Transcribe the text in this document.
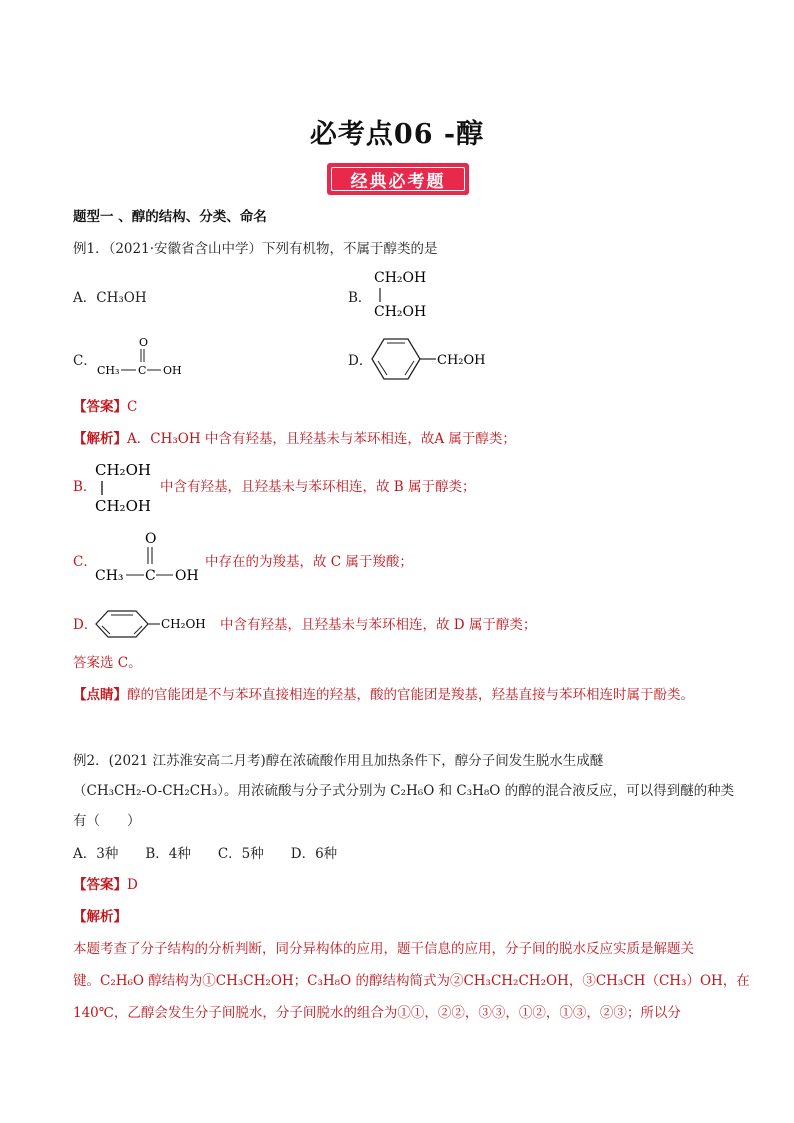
必考点06 -醇
经典必考题
题型一 、醇的结构、分类、命名
例1．（2021·安徽省含山中学）下列有机物，不属于醇类的是
A．CH₃OH	B．
CH₂OH
CH₂OH
C．
O
CH₃ C OH
D．	CH₂OH
【答案】C
【解析】A．CH₃OH 中含有羟基，且羟基未与苯环相连，故A 属于醇类；
B．
CH₂OH
CH₂OH
中含有羟基，且羟基未与苯环相连，故 B 属于醇类；
C．
O
CH₃ C OH
中存在的为羧基，故 C 属于羧酸；
D．	CH₂OH 中含有羟基，且羟基未与苯环相连，故 D 属于醇类；
答案选 C。
【点睛】醇的官能团是不与苯环直接相连的羟基，酸的官能团是羧基，羟基直接与苯环相连时属于酚类。
例2．(2021 江苏淮安高二月考)醇在浓硫酸作用且加热条件下，醇分子间发生脱水生成醚
（CH₃CH₂-O-CH₂CH₃）。用浓硫酸与分子式分别为 C₂H₆O 和 C₃H₈O 的醇的混合液反应，可以得到醚的种类
有（　　）
A．3种　　B．4种　　C．5种　　D．6种
【答案】D
【解析】
本题考查了分子结构的分析判断，同分异构体的应用，题干信息的应用，分子间的脱水反应实质是解题关
键。C₂H₆O 醇结构为①CH₃CH₂OH；C₃H₈O 的醇结构简式为②CH₃CH₂CH₂OH，③CH₃CH（CH₃）OH，在
140℃，乙醇会发生分子间脱水，分子间脱水的组合为①①，②②，③③，①②，①③，②③；所以分
